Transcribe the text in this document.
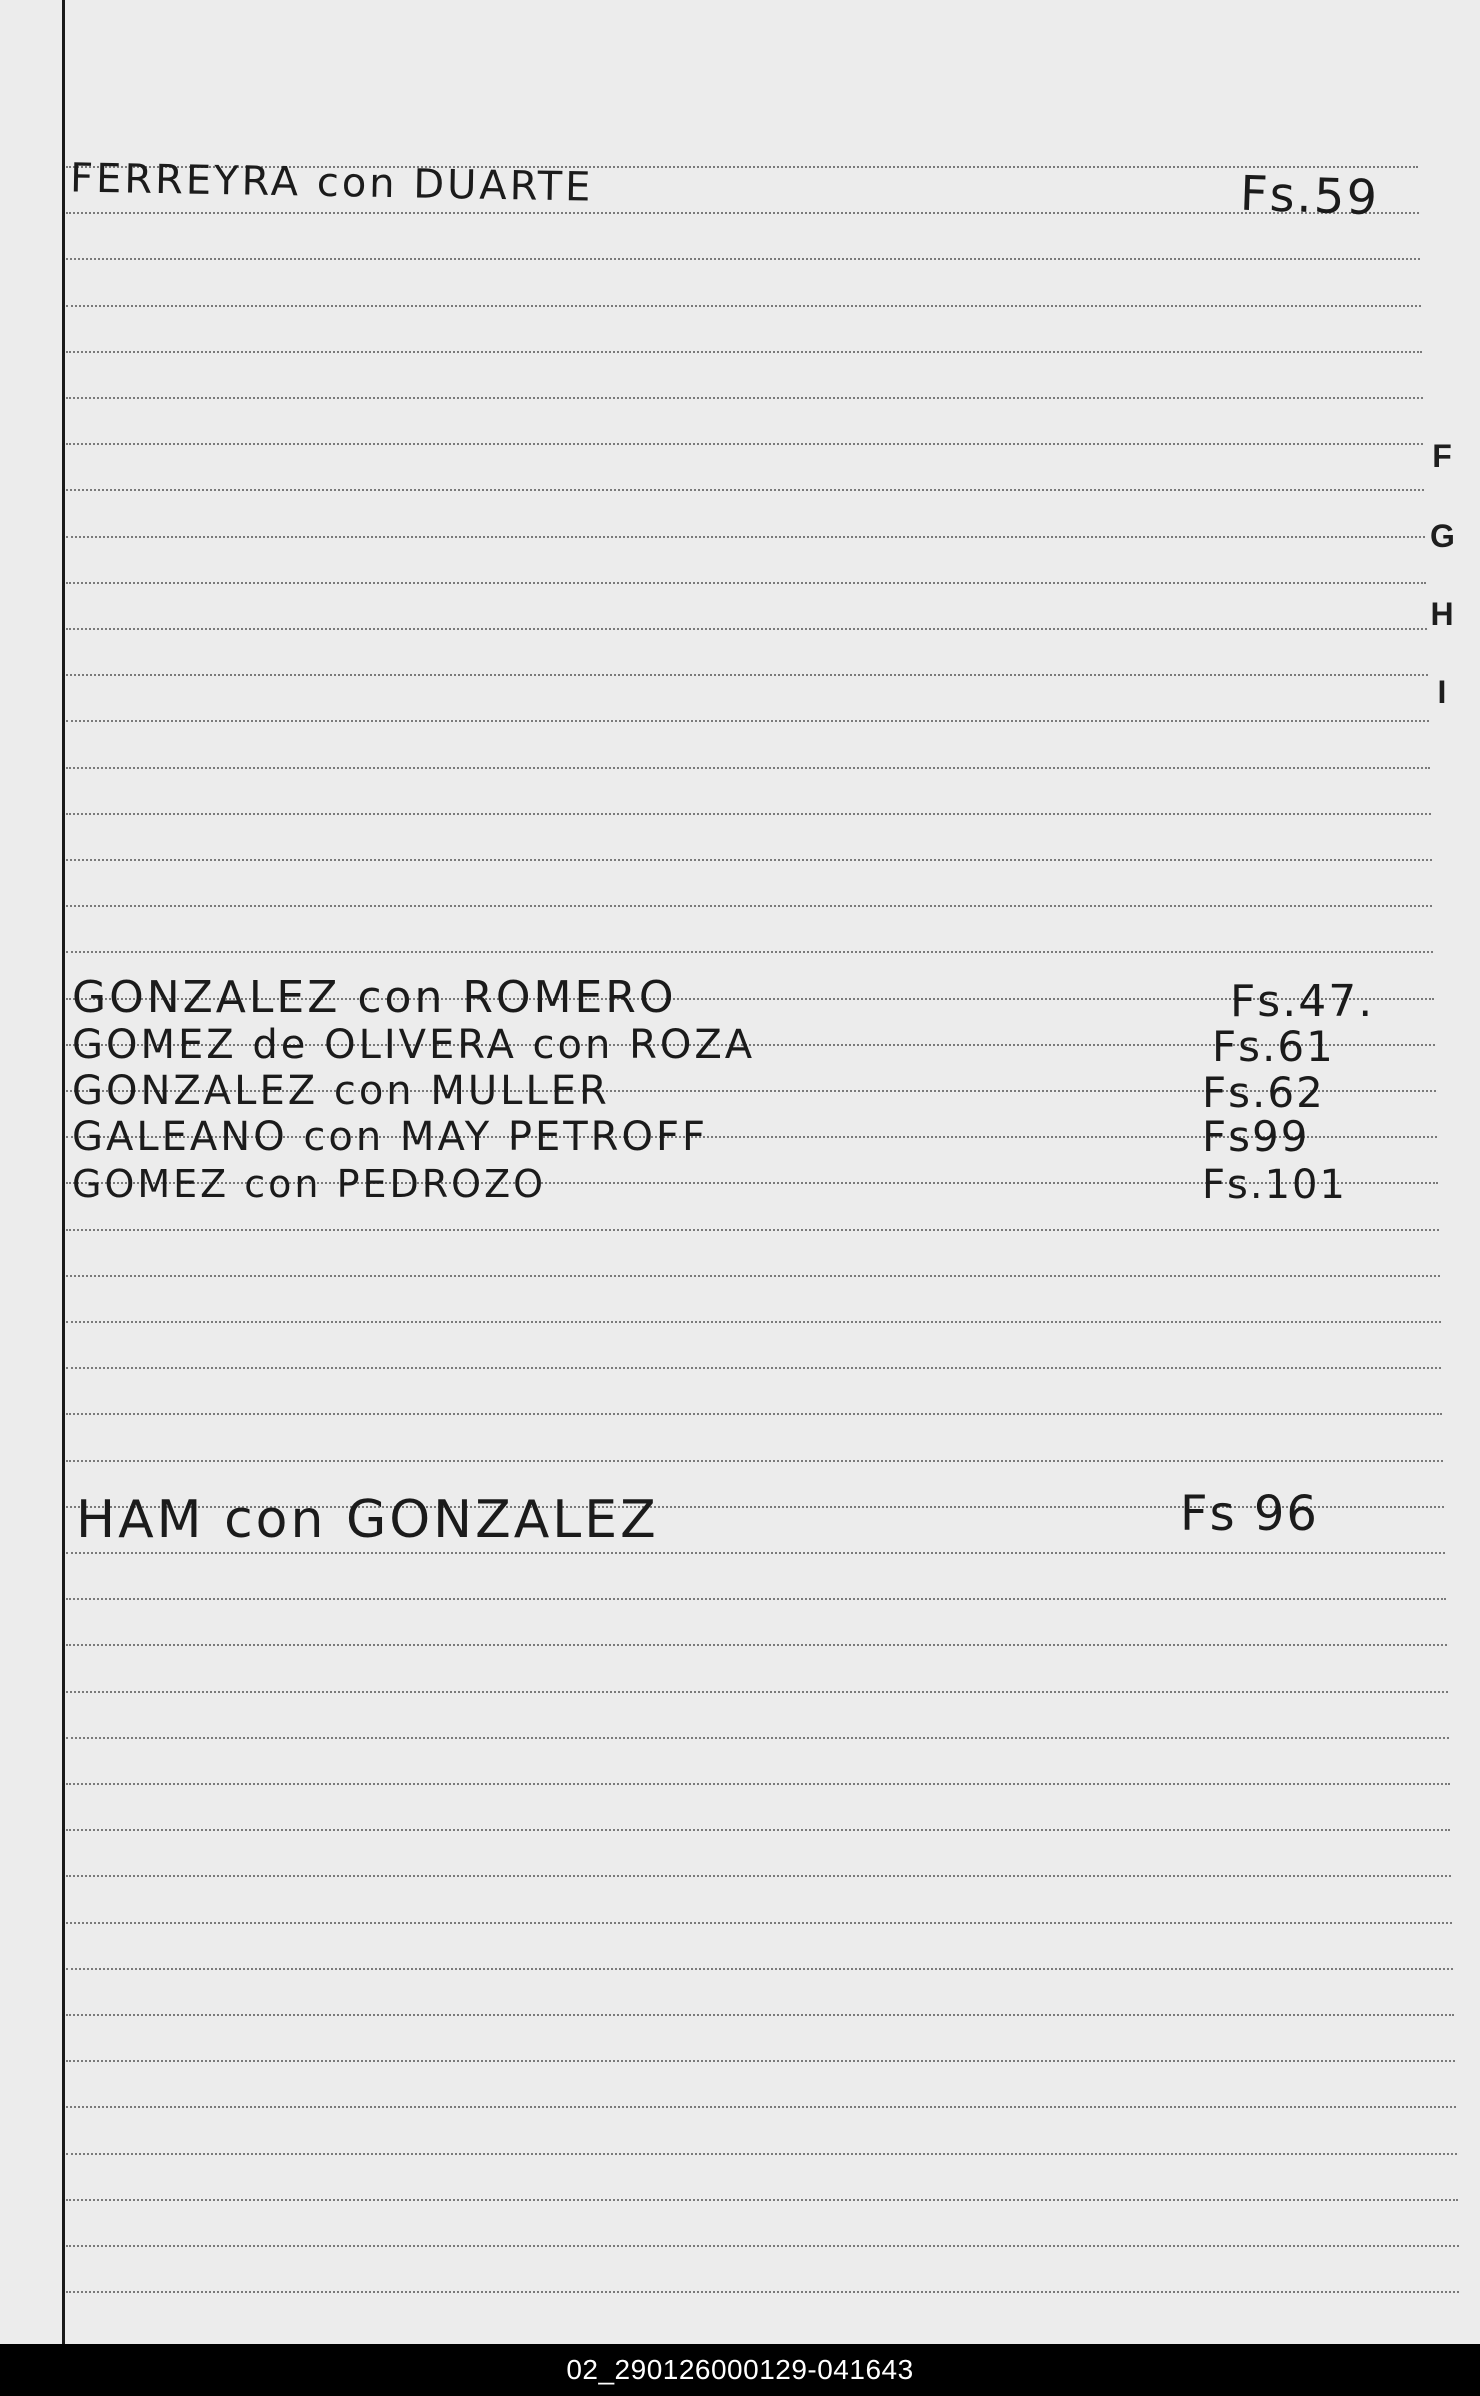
FERREYRA con DUARTE	Fs.59
GONZALEZ con ROMERO	Fs.47.
GOMEZ de OLIVERA con ROZA	Fs.61
GONZALEZ con MULLER	Fs.62
GALEANO con MAY PETROFF	Fs99
GOMEZ con PEDROZO	Fs.101
HAM con GONZALEZ	Fs 96
F
G
H
I
02_290126000129-041643
